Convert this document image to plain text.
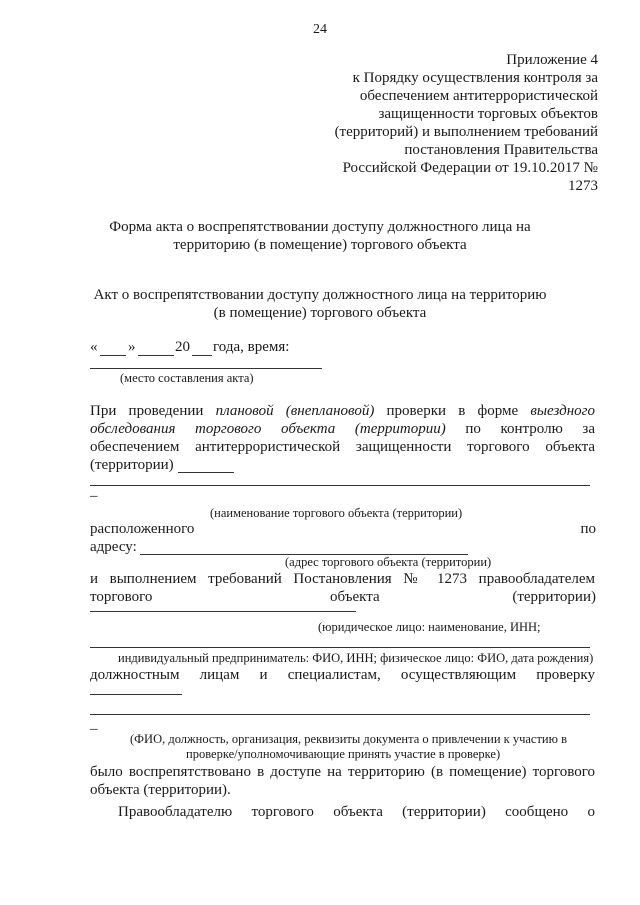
24
Приложение 4
к Порядку осуществления контроля за
обеспечением антитеррористической
защищенности торговых объектов
(территорий) и выполнением требований
постановления Правительства
Российской Федерации от 19.10.2017 №
1273
Форма акта о воспрепятствовании доступу должностного лица на
территорию (в помещение) торгового объекта
Акт о воспрепятствовании доступу должностного лица на территорию
(в помещение) торгового объекта
« »	20 года, время:
(место составления акта)
При проведении плановой (внеплановой) проверки в форме выездного
обследования торгового объекта (территории) по контролю за
обеспечением антитеррористической защищенности торгового объекта
(территории)
–
(наименование торгового объекта (территории)
расположенного	по
адресу:
(адрес торгового объекта (территории)
и выполнением требований Постановления № 1273 правообладателем
торгового	объекта	(территории)
(юридическое лицо: наименование, ИНН;
индивидуальный предприниматель: ФИО, ИНН; физическое лицо: ФИО, дата рождения)
должностным лицам и специалистам, осуществляющим проверку
–
(ФИО, должность, организация, реквизиты документа о привлечении к участию в
проверке/уполномочивающие принять участие в проверке)
было воспрепятствовано в доступе на территорию (в помещение) торгового
объекта (территории).
Правообладателю торгового объекта (территории) сообщено о
